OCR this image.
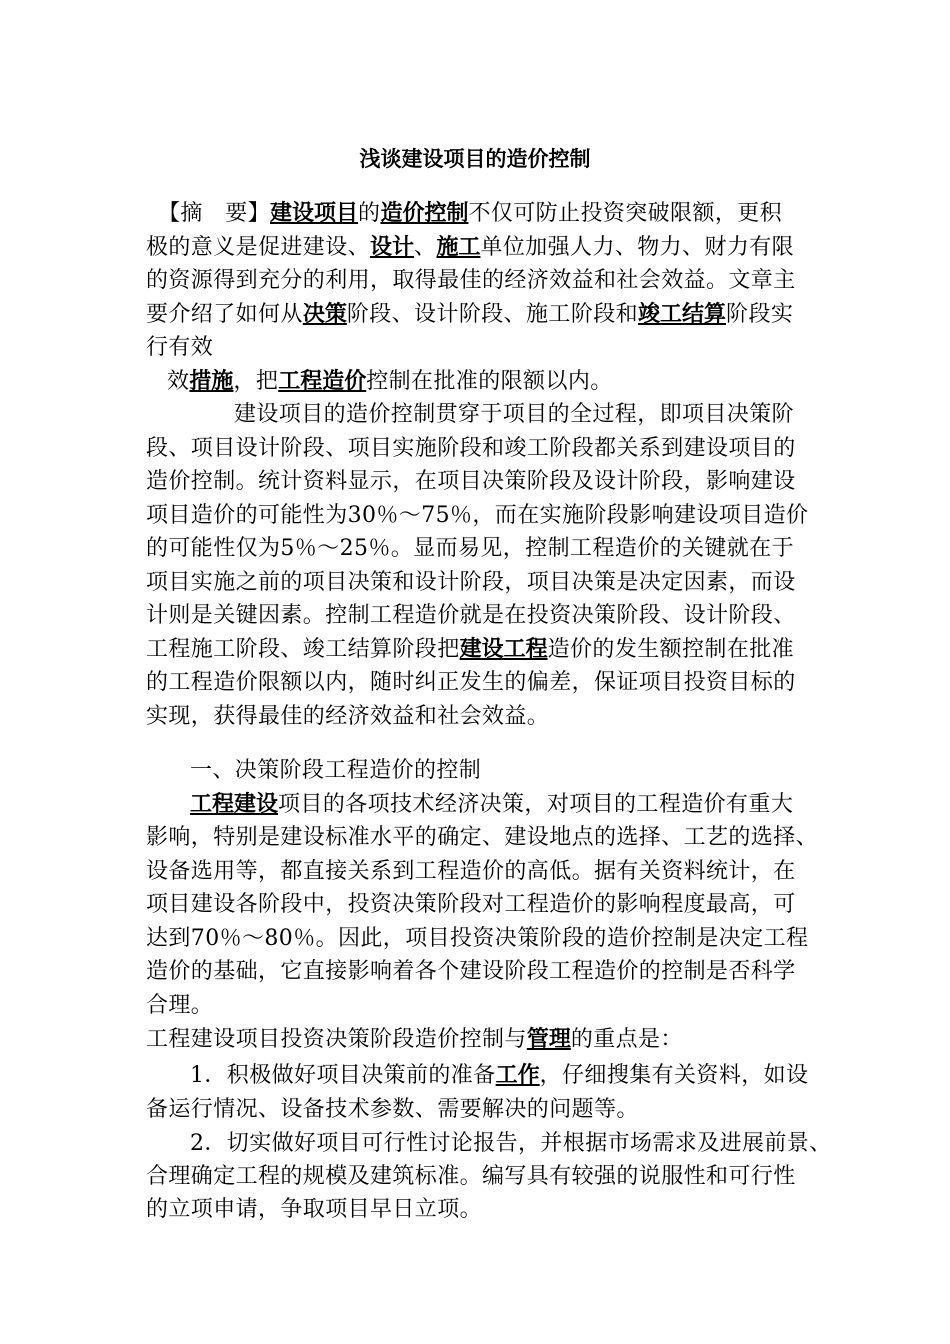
浅谈建设项目的造价控制
【摘　要】建设项目的造价控制不仅可防止投资突破限额，更积
极的意义是促进建设、设计、施工单位加强人力、物力、财力有限
的资源得到充分的利用，取得最佳的经济效益和社会效益。文章主
要介绍了如何从决策阶段、设计阶段、施工阶段和竣工结算阶段实
行有效
效措施，把工程造价控制在批准的限额以内。
建设项目的造价控制贯穿于项目的全过程，即项目决策阶
段、项目设计阶段、项目实施阶段和竣工阶段都关系到建设项目的
造价控制。统计资料显示，在项目决策阶段及设计阶段，影响建设
项目造价的可能性为30％～75％，而在实施阶段影响建设项目造价
的可能性仅为5％～25％。显而易见，控制工程造价的关键就在于
项目实施之前的项目决策和设计阶段，项目决策是决定因素，而设
计则是关键因素。控制工程造价就是在投资决策阶段、设计阶段、
工程施工阶段、竣工结算阶段把建设工程造价的发生额控制在批准
的工程造价限额以内，随时纠正发生的偏差，保证项目投资目标的
实现，获得最佳的经济效益和社会效益。
一、决策阶段工程造价的控制
工程建设项目的各项技术经济决策，对项目的工程造价有重大
影响，特别是建设标准水平的确定、建设地点的选择、工艺的选择、
设备选用等，都直接关系到工程造价的高低。据有关资料统计，在
项目建设各阶段中，投资决策阶段对工程造价的影响程度最高，可
达到70％～80％。因此，项目投资决策阶段的造价控制是决定工程
造价的基础，它直接影响着各个建设阶段工程造价的控制是否科学
合理。
工程建设项目投资决策阶段造价控制与管理的重点是：
1．积极做好项目决策前的准备工作，仔细搜集有关资料，如设
备运行情况、设备技术参数、需要解决的问题等。
2．切实做好项目可行性讨论报告，并根据市场需求及进展前景、
合理确定工程的规模及建筑标准。编写具有较强的说服性和可行性
的立项申请，争取项目早日立项。
